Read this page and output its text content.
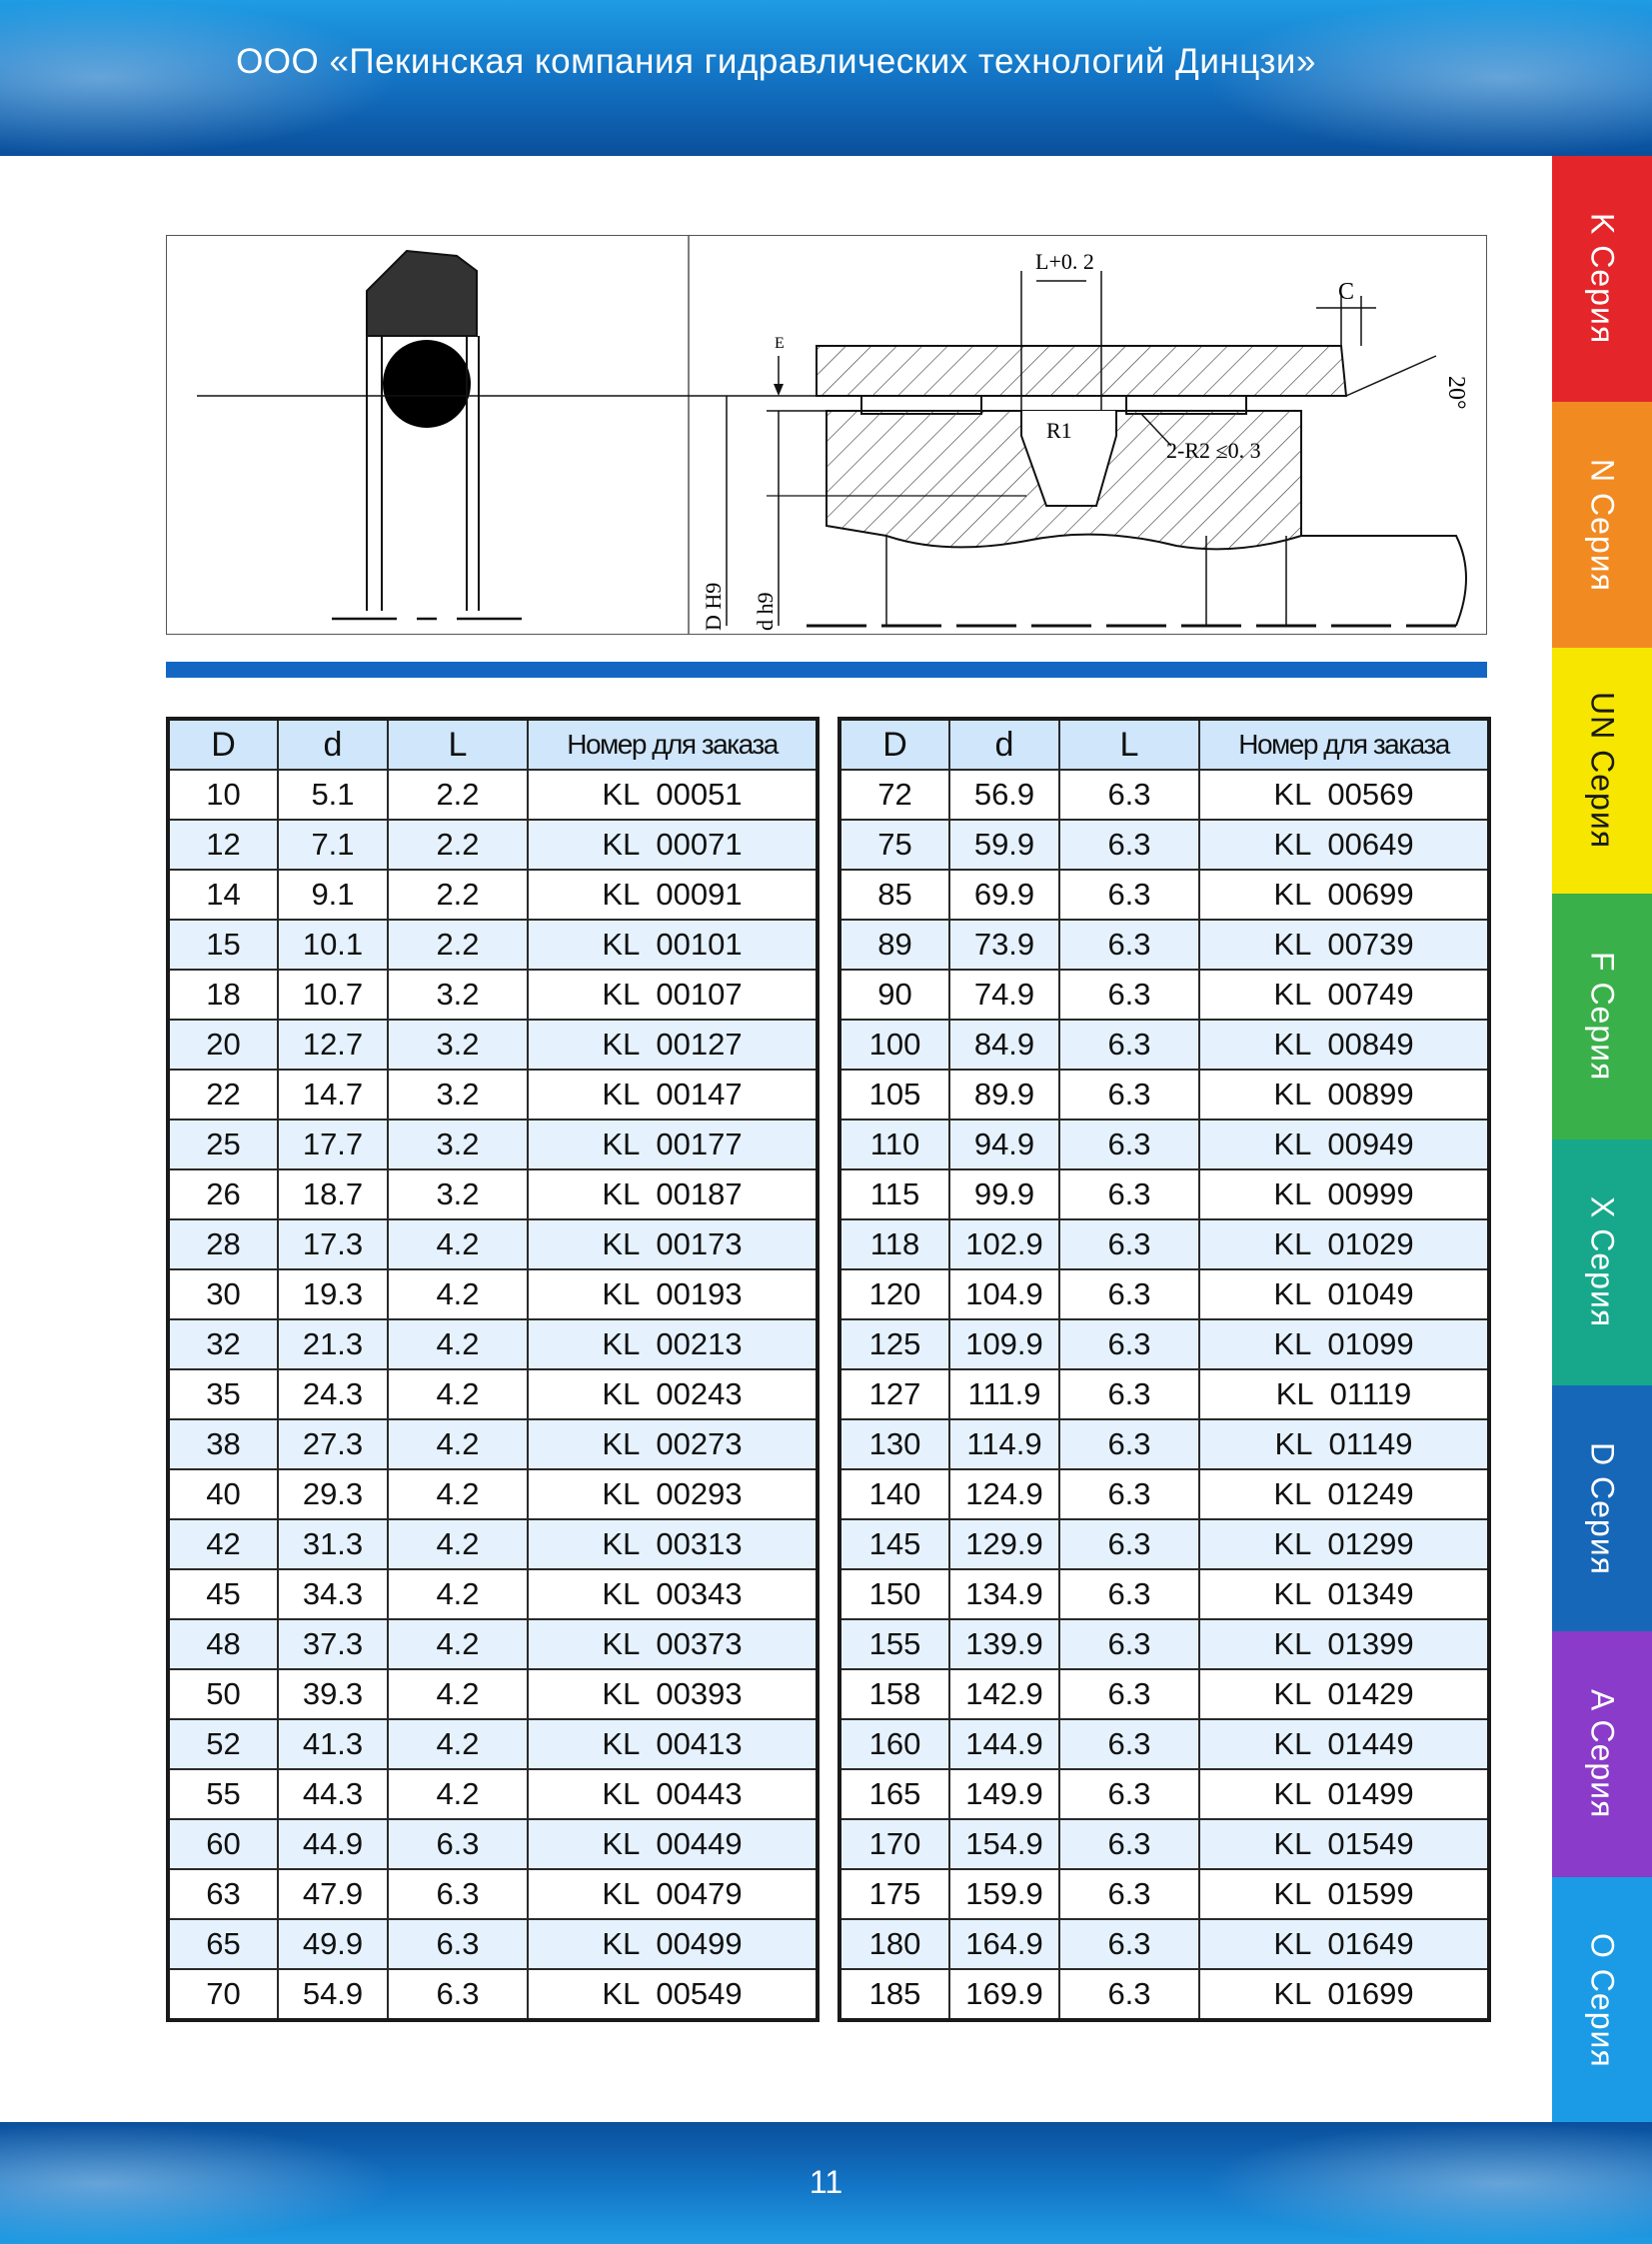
ООО «Пекинская компания гидравлических технологий Динцзи»
K Серия
N Серия
UN Серия
F Серия
X Серия
D Серия
A Серия
O Серия
L+0. 2
C
20°
E
R1
2-R2 ≤0. 3
D H9 d h9
D	d	L	Номер для заказа
10	5.1	2.2	KL  00051
12	7.1	2.2	KL  00071
14	9.1	2.2	KL  00091
15	10.1	2.2	KL  00101
18	10.7	3.2	KL  00107
20	12.7	3.2	KL  00127
22	14.7	3.2	KL  00147
25	17.7	3.2	KL  00177
26	18.7	3.2	KL  00187
28	17.3	4.2	KL  00173
30	19.3	4.2	KL  00193
32	21.3	4.2	KL  00213
35	24.3	4.2	KL  00243
38	27.3	4.2	KL  00273
40	29.3	4.2	KL  00293
42	31.3	4.2	KL  00313
45	34.3	4.2	KL  00343
48	37.3	4.2	KL  00373
50	39.3	4.2	KL  00393
52	41.3	4.2	KL  00413
55	44.3	4.2	KL  00443
60	44.9	6.3	KL  00449
63	47.9	6.3	KL  00479
65	49.9	6.3	KL  00499
70	54.9	6.3	KL  00549
D	d	L	Номер для заказа
72	56.9	6.3	KL  00569
75	59.9	6.3	KL  00649
85	69.9	6.3	KL  00699
89	73.9	6.3	KL  00739
90	74.9	6.3	KL  00749
100	84.9	6.3	KL  00849
105	89.9	6.3	KL  00899
110	94.9	6.3	KL  00949
115	99.9	6.3	KL  00999
118	102.9	6.3	KL  01029
120	104.9	6.3	KL  01049
125	109.9	6.3	KL  01099
127	111.9	6.3	KL  01119
130	114.9	6.3	KL  01149
140	124.9	6.3	KL  01249
145	129.9	6.3	KL  01299
150	134.9	6.3	KL  01349
155	139.9	6.3	KL  01399
158	142.9	6.3	KL  01429
160	144.9	6.3	KL  01449
165	149.9	6.3	KL  01499
170	154.9	6.3	KL  01549
175	159.9	6.3	KL  01599
180	164.9	6.3	KL  01649
185	169.9	6.3	KL  01699
11
